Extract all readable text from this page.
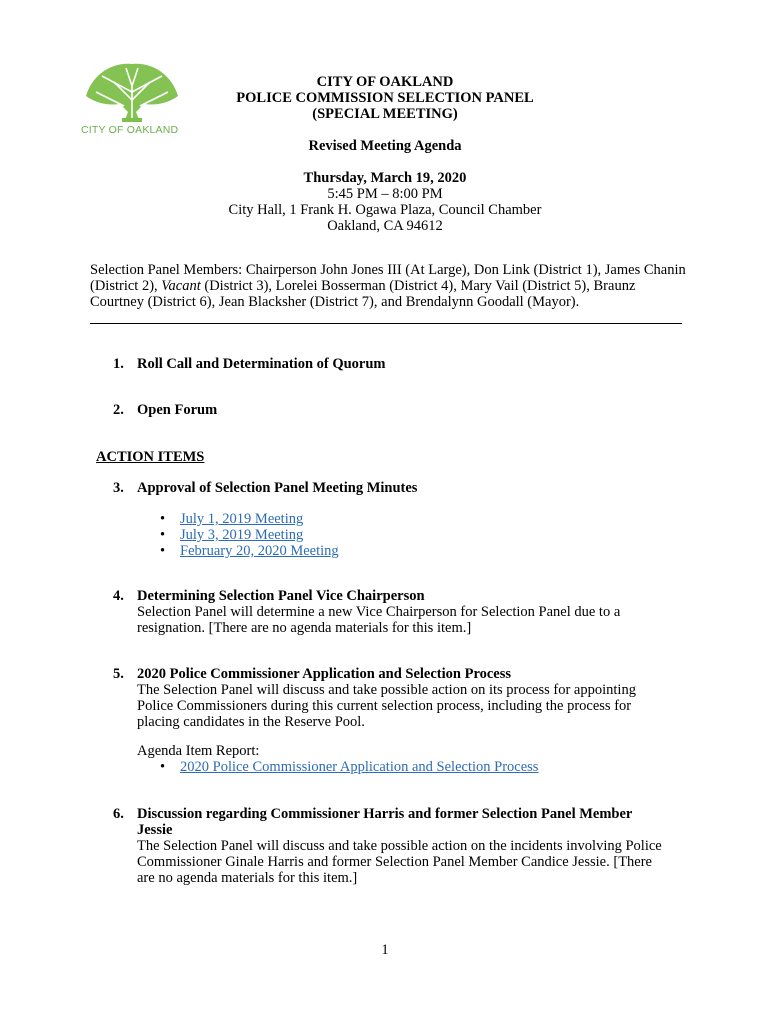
CITY OF OAKLAND
CITY OF OAKLAND
POLICE COMMISSION SELECTION PANEL
(SPECIAL MEETING)
Revised Meeting Agenda
Thursday, March 19, 2020
5:45 PM – 8:00 PM
City Hall, 1 Frank H. Ogawa Plaza, Council Chamber
Oakland, CA 94612
Selection Panel Members: Chairperson John Jones III (At Large), Don Link (District 1), James Chanin (District 2), Vacant (District 3), Lorelei Bosserman (District 4), Mary Vail (District 5), Braunz Courtney (District 6), Jean Blacksher (District 7), and Brendalynn Goodall (Mayor).
1. Roll Call and Determination of Quorum
2. Open Forum
ACTION ITEMS
3. Approval of Selection Panel Meeting Minutes
• July 1, 2019 Meeting
• July 3, 2019 Meeting
• February 20, 2020 Meeting
4. Determining Selection Panel Vice Chairperson
Selection Panel will determine a new Vice Chairperson for Selection Panel due to a resignation. [There are no agenda materials for this item.]
5. 2020 Police Commissioner Application and Selection Process
The Selection Panel will discuss and take possible action on its process for appointing Police Commissioners during this current selection process, including the process for placing candidates in the Reserve Pool.
Agenda Item Report:
• 2020 Police Commissioner Application and Selection Process
6. Discussion regarding Commissioner Harris and former Selection Panel Member
Jessie
The Selection Panel will discuss and take possible action on the incidents involving Police Commissioner Ginale Harris and former Selection Panel Member Candice Jessie. [There are no agenda materials for this item.]
1
